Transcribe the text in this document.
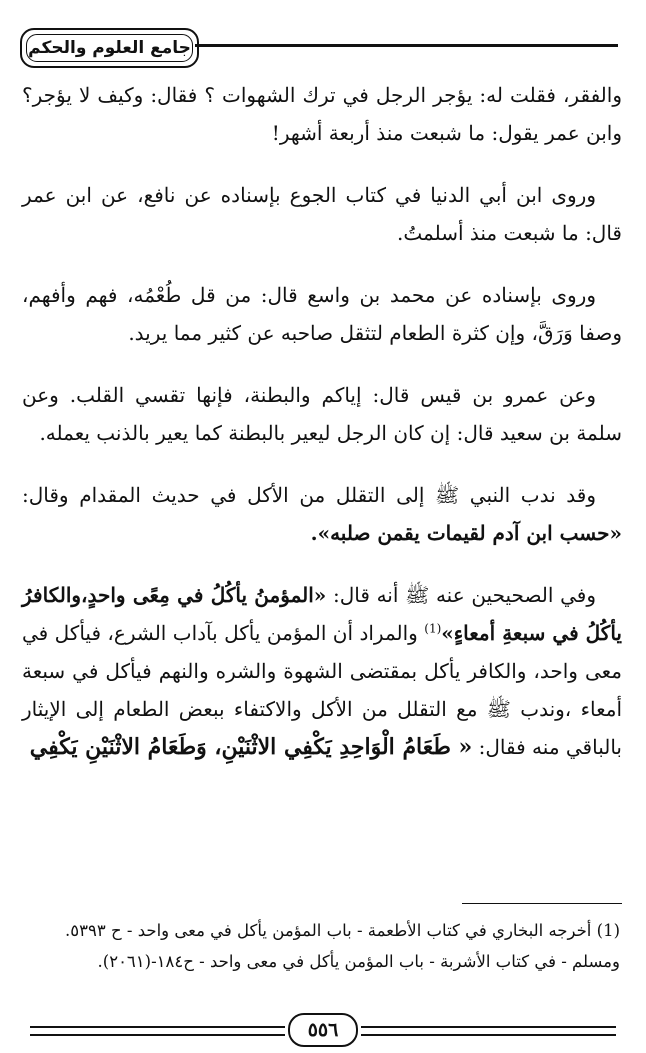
جامع العلوم والحكم

والفقر، فقلت له: يؤجر الرجل في ترك الشهوات ؟ فقال: وكيف لا يؤجر؟ وابن عمر يقول: ما شبعت منذ أربعة أشهر!

وروى ابن أبي الدنيا في كتاب الجوع بإسناده عن نافع، عن ابن عمر قال: ما شبعت منذ أسلمتُ.

وروى بإسناده عن محمد بن واسع قال: من قل طُعْمُه، فهم وأفهم، وصفا وَرَقَّ، وإن كثرة الطعام لتثقل صاحبه عن كثير مما يريد.

وعن عمرو بن قيس قال: إياكم والبطنة، فإنها تقسي القلب. وعن سلمة بن سعيد قال: إن كان الرجل ليعير بالبطنة كما يعير بالذنب يعمله.

وقد ندب النبي ﷺ إلى التقلل من الأكل في حديث المقدام وقال: «حسب ابن آدم لقيمات يقمن صلبه».

وفي الصحيحين عنه ﷺ أنه قال: «المؤمنُ يأكُلُ في مِعًى واحدٍ،والكافرُ يأكُلُ في سبعةِ أمعاءٍ»$^{(1)}$ والمراد أن المؤمن يأكل بآداب الشرع، فيأكل في معى واحد، والكافر يأكل بمقتضى الشهوة والشره والنهم فيأكل في سبعة أمعاء ،وندب ﷺ مع التقلل من الأكل والاكتفاء ببعض الطعام إلى الإيثار بالباقي منه فقال: « طَعَامُ الْوَاحِدِ يَكْفِي الاثْنَيْنِ، وَطَعَامُ الاثْنَيْنِ يَكْفِي

(1) أخرجه البخاري في كتاب الأطعمة - باب المؤمن يأكل في معى واحد - ح ٥٣٩٣.

ومسلم - في كتاب الأشربة - باب المؤمن يأكل في معى واحد - ح١٨٤-(٢٠٦١).

٥٥٦
